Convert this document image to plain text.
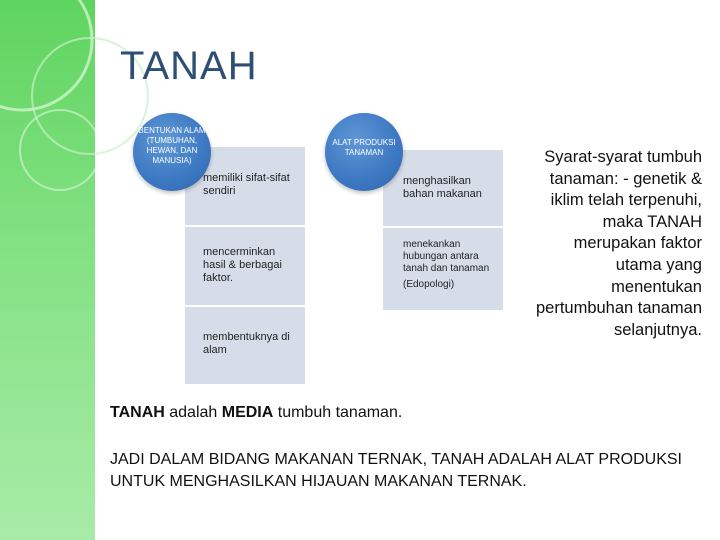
TANAH
memiliki sifat-sifat sendiri
mencerminkan hasil & berbagai faktor.
membentuknya di alam
menghasilkan bahan makanan
menekankan hubungan antara tanah dan tanaman
(Edopologi)
BENTUKAN ALAM (TUMBUHAN, HEWAN, DAN MANUSIA)
ALAT PRODUKSI TANAMAN	Syarat-syarat tumbuh tanaman: - genetik & iklim telah terpenuhi, maka TANAH merupakan faktor utama yang menentukan pertumbuhan tanaman selanjutnya.
TANAH adalah MEDIA tumbuh tanaman.
JADI DALAM BIDANG MAKANAN TERNAK, TANAH ADALAH ALAT PRODUKSI UNTUK MENGHASILKAN HIJAUAN MAKANAN TERNAK.
